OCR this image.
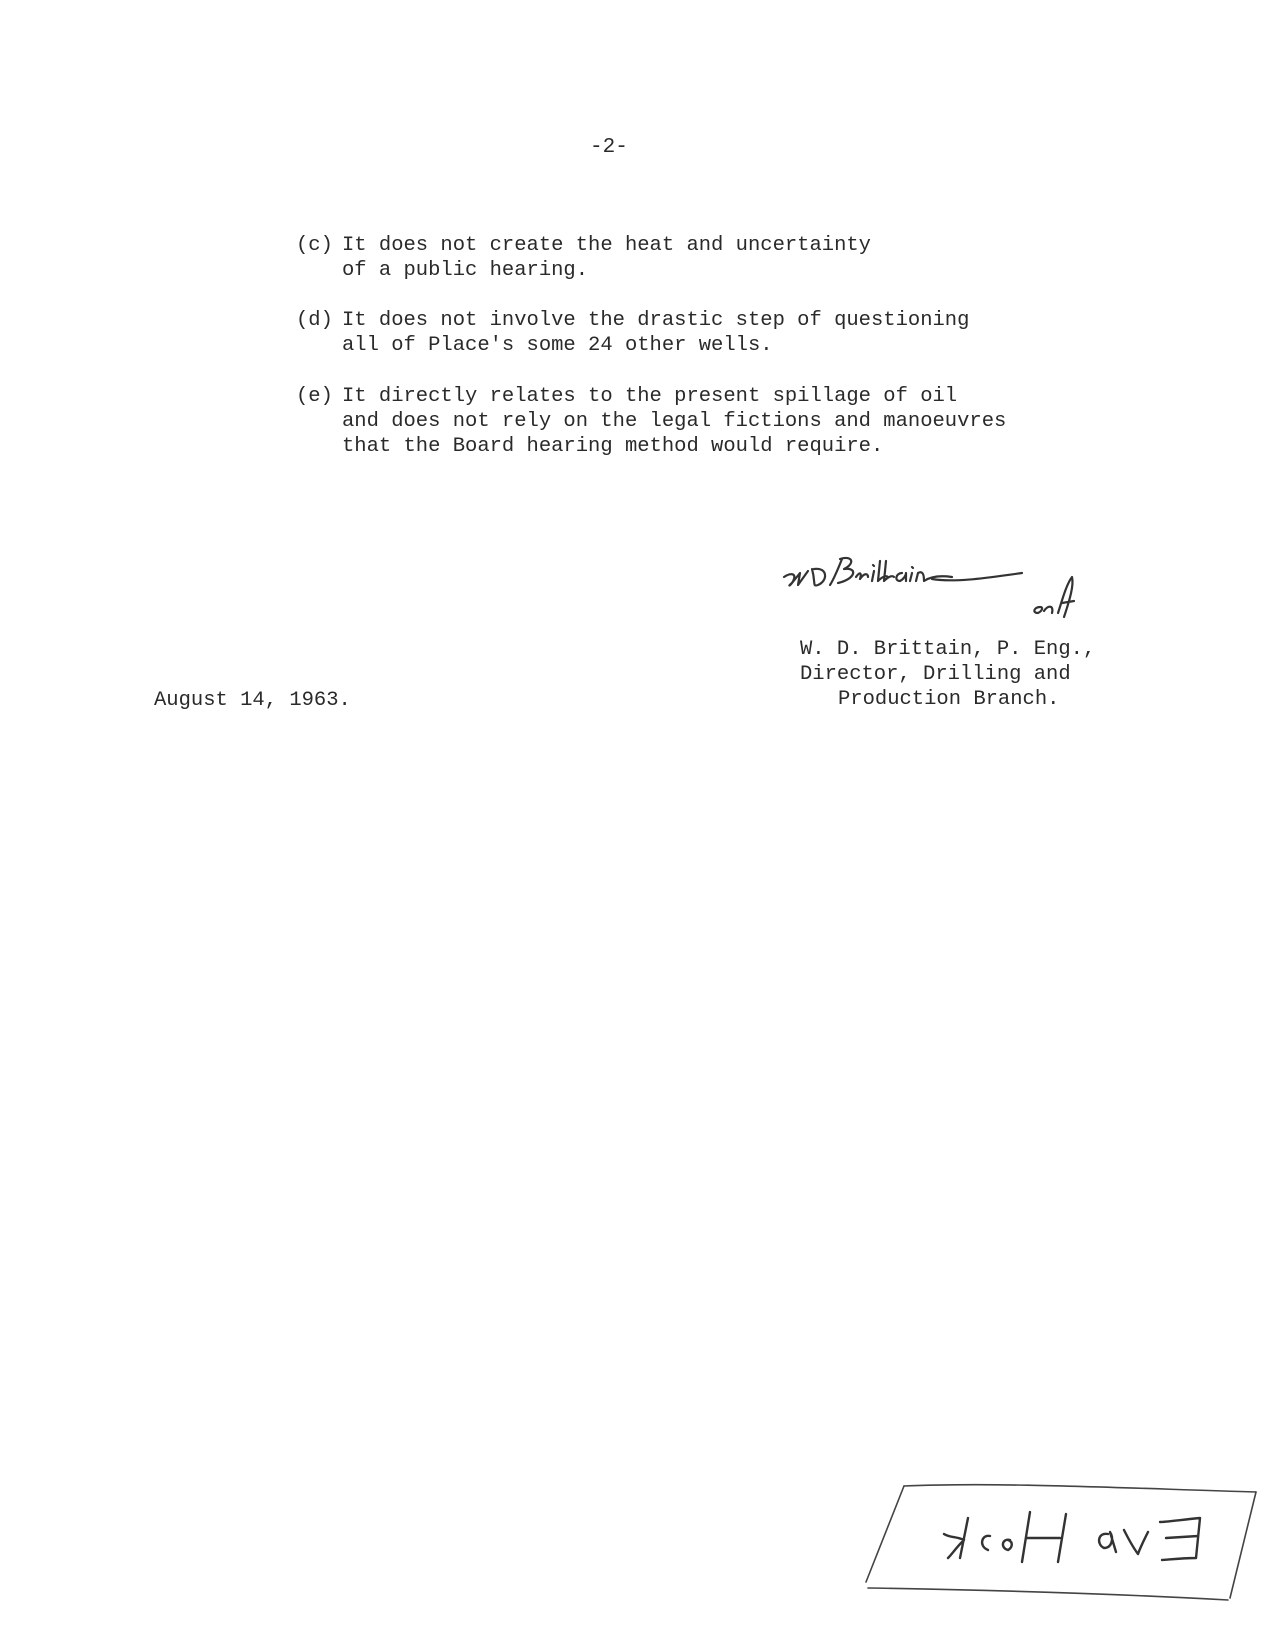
-2-
(c) It does not create the heat and uncertainty
of a public hearing.
(d) It does not involve the drastic step of questioning
all of Place's some 24 other wells.
(e) It directly relates to the present spillage of oil
and does not rely on the legal fictions and manoeuvres
that the Board hearing method would require.
W. D. Brittain, P. Eng.,
Director, Drilling and
Production Branch.
August 14, 1963.
